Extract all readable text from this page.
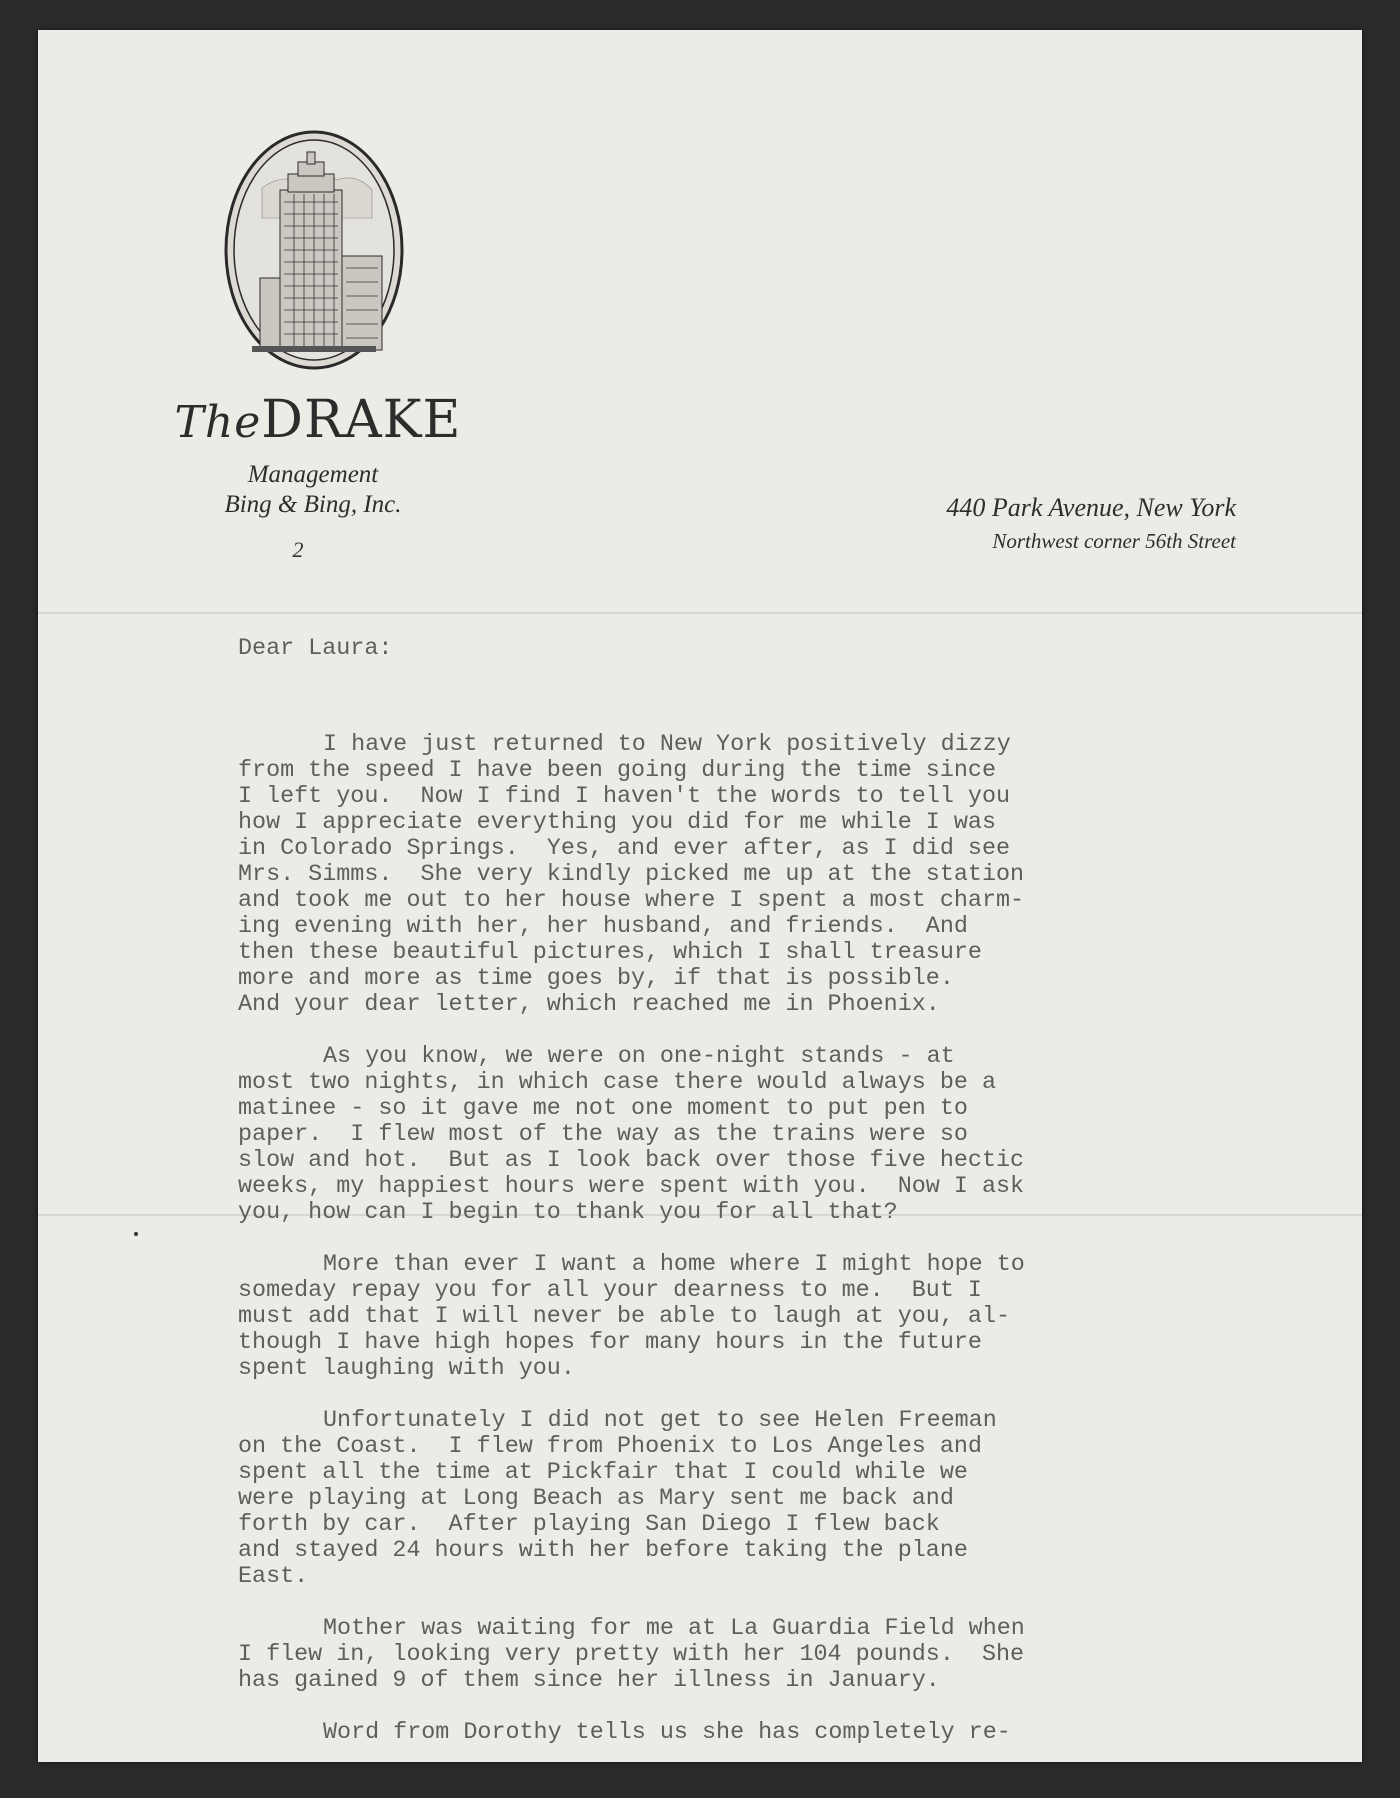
TheDRAKE
Management
Bing & Bing, Inc.
2
440 Park Avenue, New York
Northwest corner 56th Street

Dear Laura:

I have just returned to New York positively dizzy
from the speed I have been going during the time since
I left you.  Now I find I haven't the words to tell you
how I appreciate everything you did for me while I was
in Colorado Springs.  Yes, and ever after, as I did see
Mrs. Simms.  She very kindly picked me up at the station
and took me out to her house where I spent a most charm-
ing evening with her, her husband, and friends.  And
then these beautiful pictures, which I shall treasure
more and more as time goes by, if that is possible.
And your dear letter, which reached me in Phoenix.
As you know, we were on one-night stands - at
most two nights, in which case there would always be a
matinee - so it gave me not one moment to put pen to
paper.  I flew most of the way as the trains were so
slow and hot.  But as I look back over those five hectic
weeks, my happiest hours were spent with you.  Now I ask
you, how can I begin to thank you for all that?
More than ever I want a home where I might hope to
someday repay you for all your dearness to me.  But I
must add that I will never be able to laugh at you, al-
though I have high hopes for many hours in the future
spent laughing with you.
Unfortunately I did not get to see Helen Freeman
on the Coast.  I flew from Phoenix to Los Angeles and
spent all the time at Pickfair that I could while we
were playing at Long Beach as Mary sent me back and
forth by car.  After playing San Diego I flew back
and stayed 24 hours with her before taking the plane
East.
Mother was waiting for me at La Guardia Field when
I flew in, looking very pretty with her 104 pounds.  She
has gained 9 of them since her illness in January.
Word from Dorothy tells us she has completely re-
